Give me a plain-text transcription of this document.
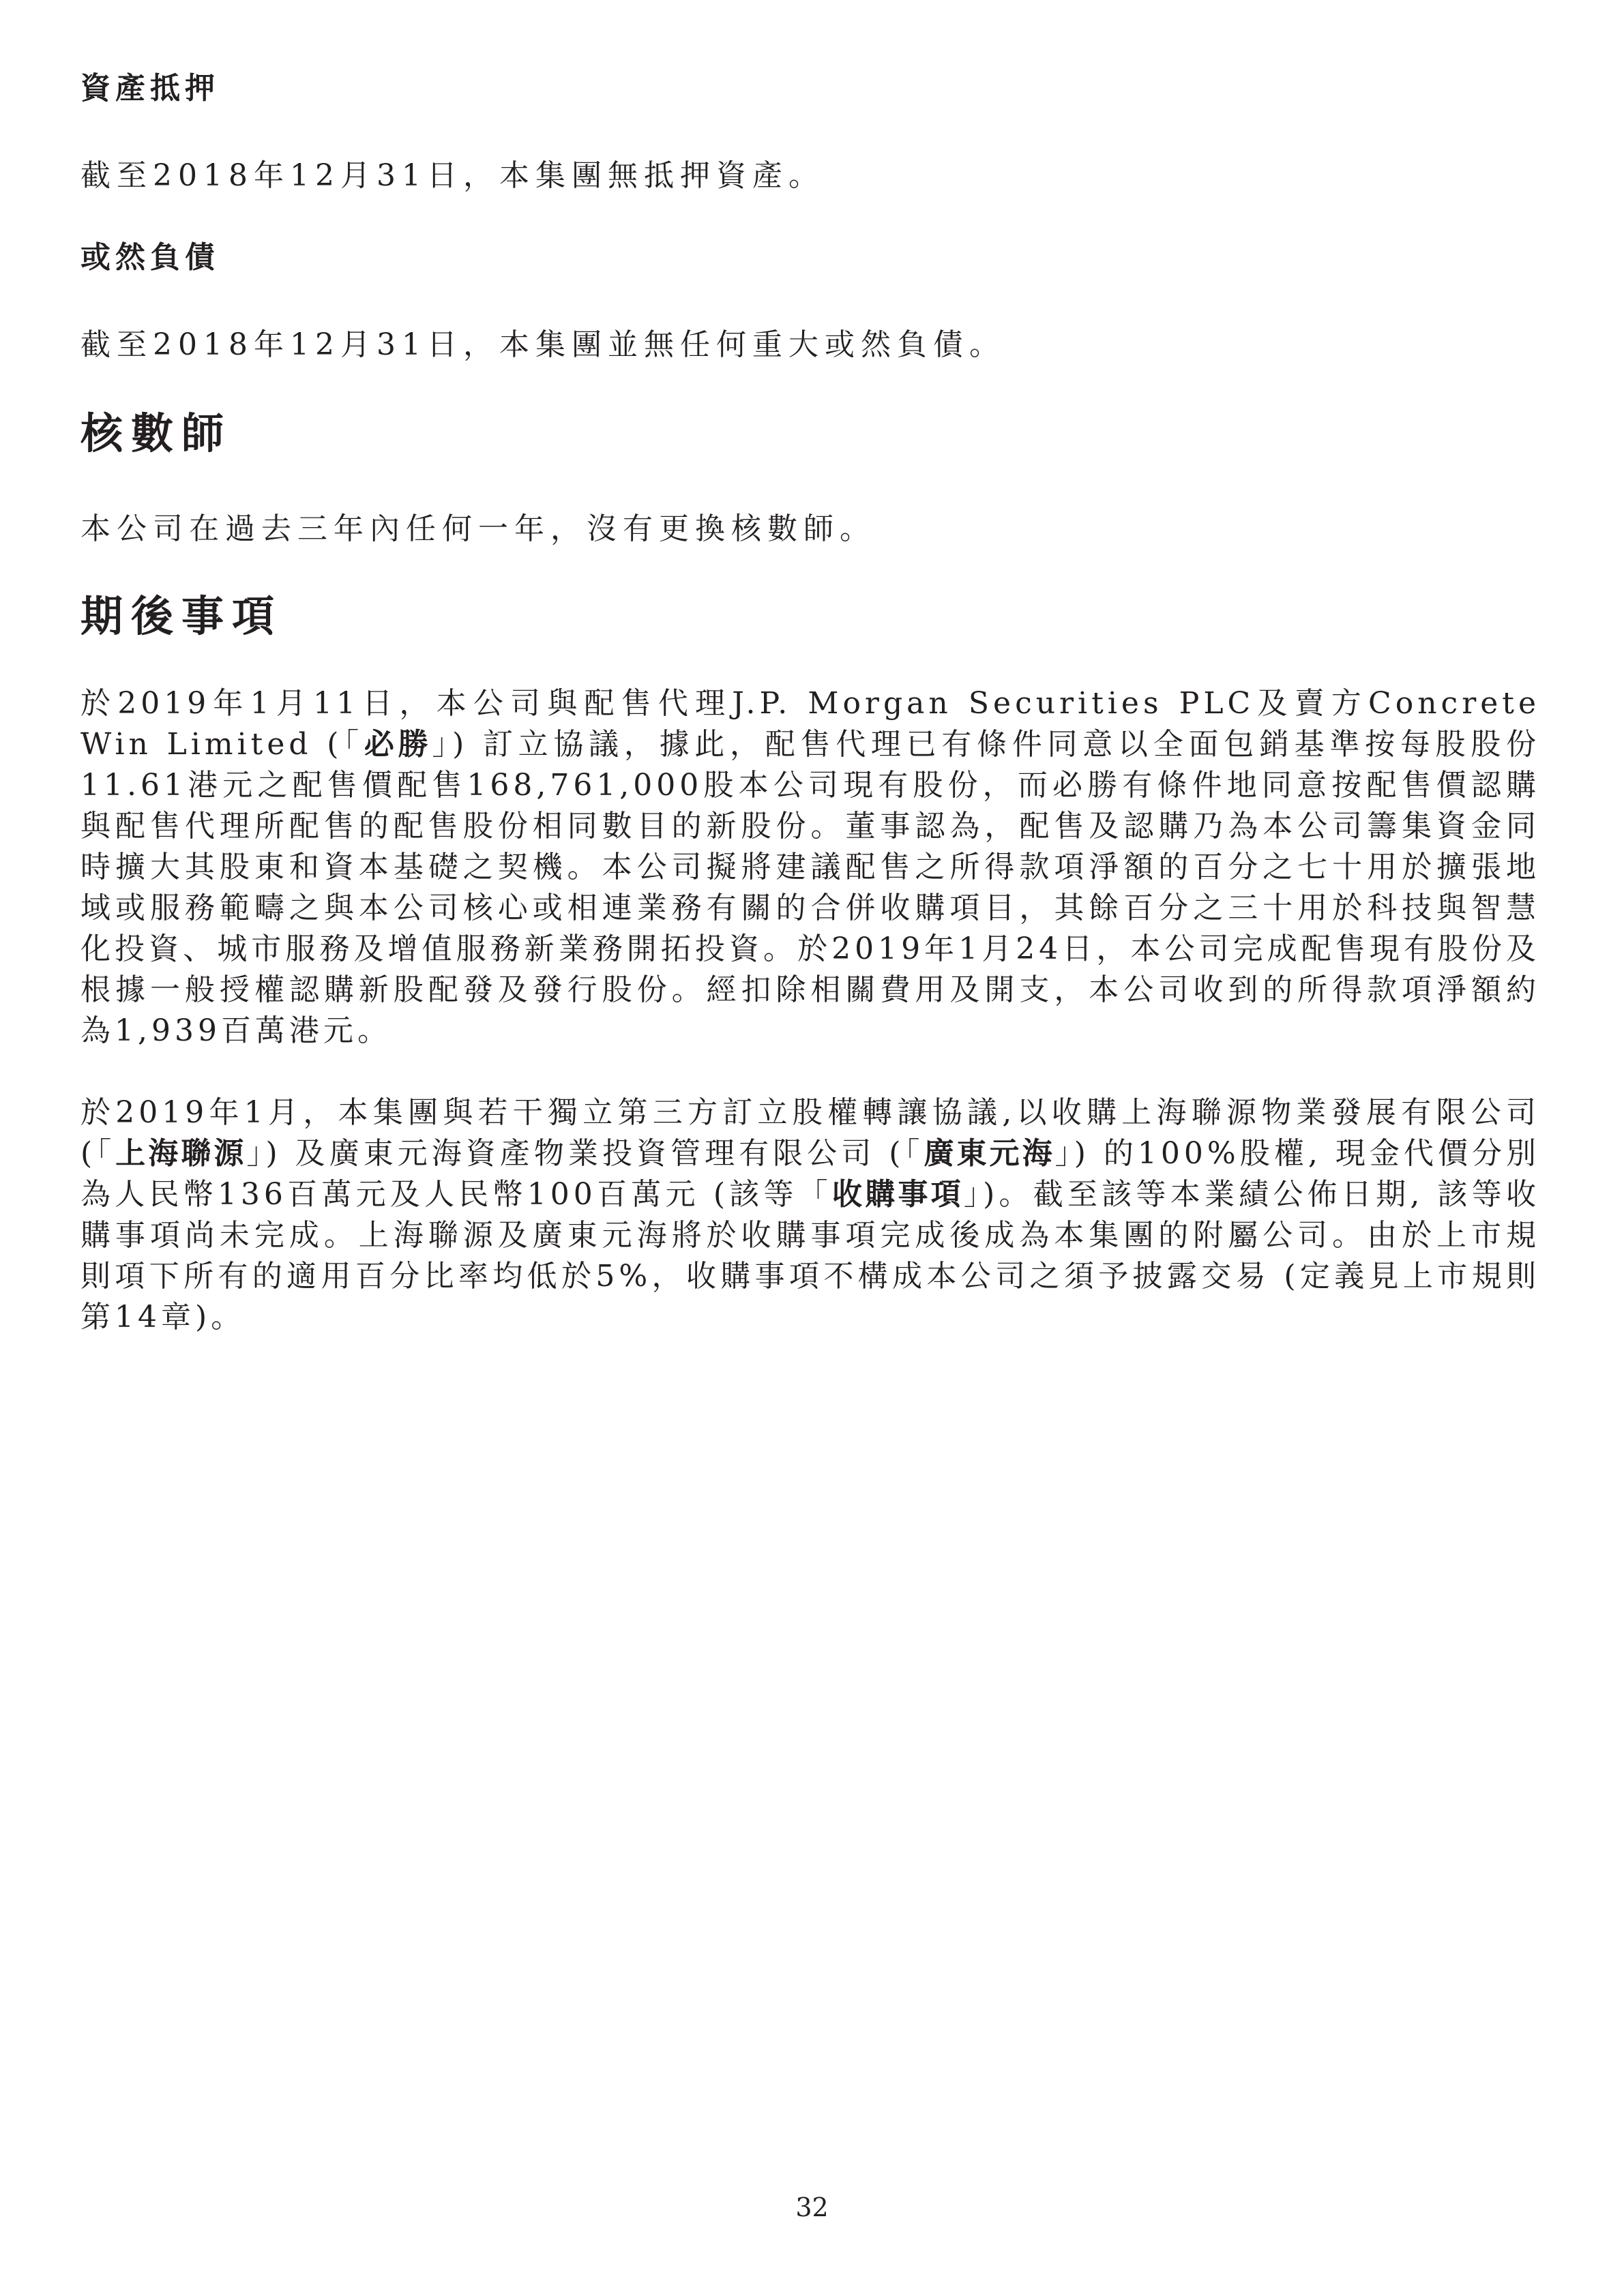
資產抵押

截至2018年12月31日，本集團無抵押資產。

或然負債

截至2018年12月31日，本集團並無任何重大或然負債。

核數師

本公司在過去三年內任何一年，沒有更換核數師。

期後事項

於2019年1月11日，本公司與配售代理J.P. Morgan Securities PLC及賣方Concrete Win Limited (「必勝」) 訂立協議，據此，配售代理已有條件同意以全面包銷基準按每股股份11.61港元之配售價配售168,761,000股本公司現有股份，而必勝有條件地同意按配售價認購與配售代理所配售的配售股份相同數目的新股份。董事認為，配售及認購乃為本公司籌集資金同時擴大其股東和資本基礎之契機。本公司擬將建議配售之所得款項淨額的百分之七十用於擴張地域或服務範疇之與本公司核心或相連業務有關的合併收購項目，其餘百分之三十用於科技與智慧化投資、城市服務及增值服務新業務開拓投資。於2019年1月24日，本公司完成配售現有股份及根據一般授權認購新股配發及發行股份。經扣除相關費用及開支，本公司收到的所得款項淨額約為1,939百萬港元。

於2019年1月，本集團與若干獨立第三方訂立股權轉讓協議,以收購上海聯源物業發展有限公司 (「上海聯源」) 及廣東元海資產物業投資管理有限公司 (「廣東元海」) 的100%股權, 現金代價分別為人民幣136百萬元及人民幣100百萬元 (該等「收購事項」)。截至該等本業績公佈日期, 該等收購事項尚未完成。上海聯源及廣東元海將於收購事項完成後成為本集團的附屬公司。由於上市規則項下所有的適用百分比率均低於5%，收購事項不構成本公司之須予披露交易 (定義見上市規則第14章)。

32
